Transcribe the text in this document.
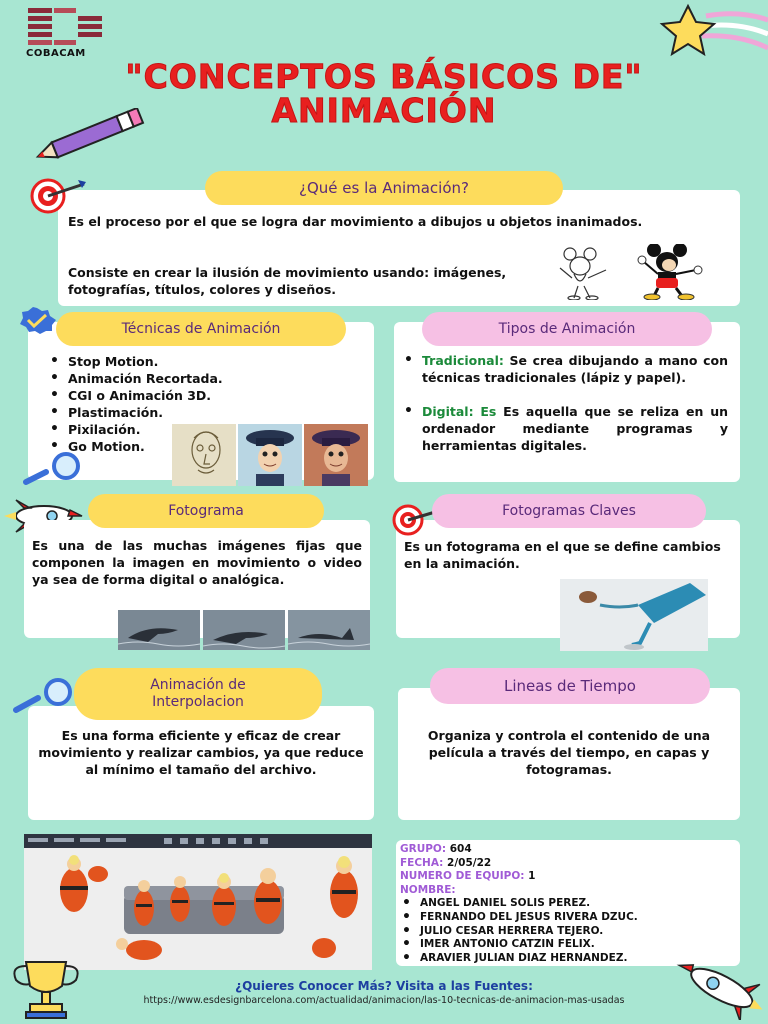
COBACAM
"CONCEPTOS BÁSICOS DE"
ANIMACIÓN
¿Qué es la Animación?
Es el proceso por el que se logra dar movimiento a dibujos u objetos inanimados.
Consiste en crear la ilusión de movimiento usando: imágenes, fotografías, títulos, colores y diseños.
Técnicas de Animación
• Stop Motion.
• Animación Recortada.
• CGI o Animación 3D.
• Plastimación.
• Pixilación.
• Go Motion.
Tipos de Animación
• Tradicional: Se crea dibujando a mano con técnicas tradicionales (lápiz y papel).
• Digital: Es Es aquella que se reliza en un ordenador mediante programas y herramientas digitales.
Fotograma
Es una de las muchas imágenes fijas que componen la imagen en movimiento o video ya sea de forma digital o analógica.
Fotogramas Claves
Es un fotograma en el que se define cambios en la animación.
Animación de
Interpolacion
Es una forma eficiente y eficaz de crear movimiento y realizar cambios, ya que reduce al mínimo el tamaño del archivo.
Lineas de Tiempo
Organiza y controla el contenido de una película a través del tiempo, en capas y fotogramas.
GRUPO: 604
FECHA: 2/05/22
NUMERO DE EQUIPO: 1
NOMBRE:
• ANGEL DANIEL SOLIS PEREZ.
• FERNANDO DEL JESUS RIVERA DZUC.
• JULIO CESAR HERRERA TEJERO.
• IMER ANTONIO CATZIN FELIX.
• ARAVIER JULIAN DIAZ HERNANDEZ.
¿Quieres Conocer Más? Visita a las Fuentes:
https://www.esdesignbarcelona.com/actualidad/animacion/las-10-tecnicas-de-animacion-mas-usadas
